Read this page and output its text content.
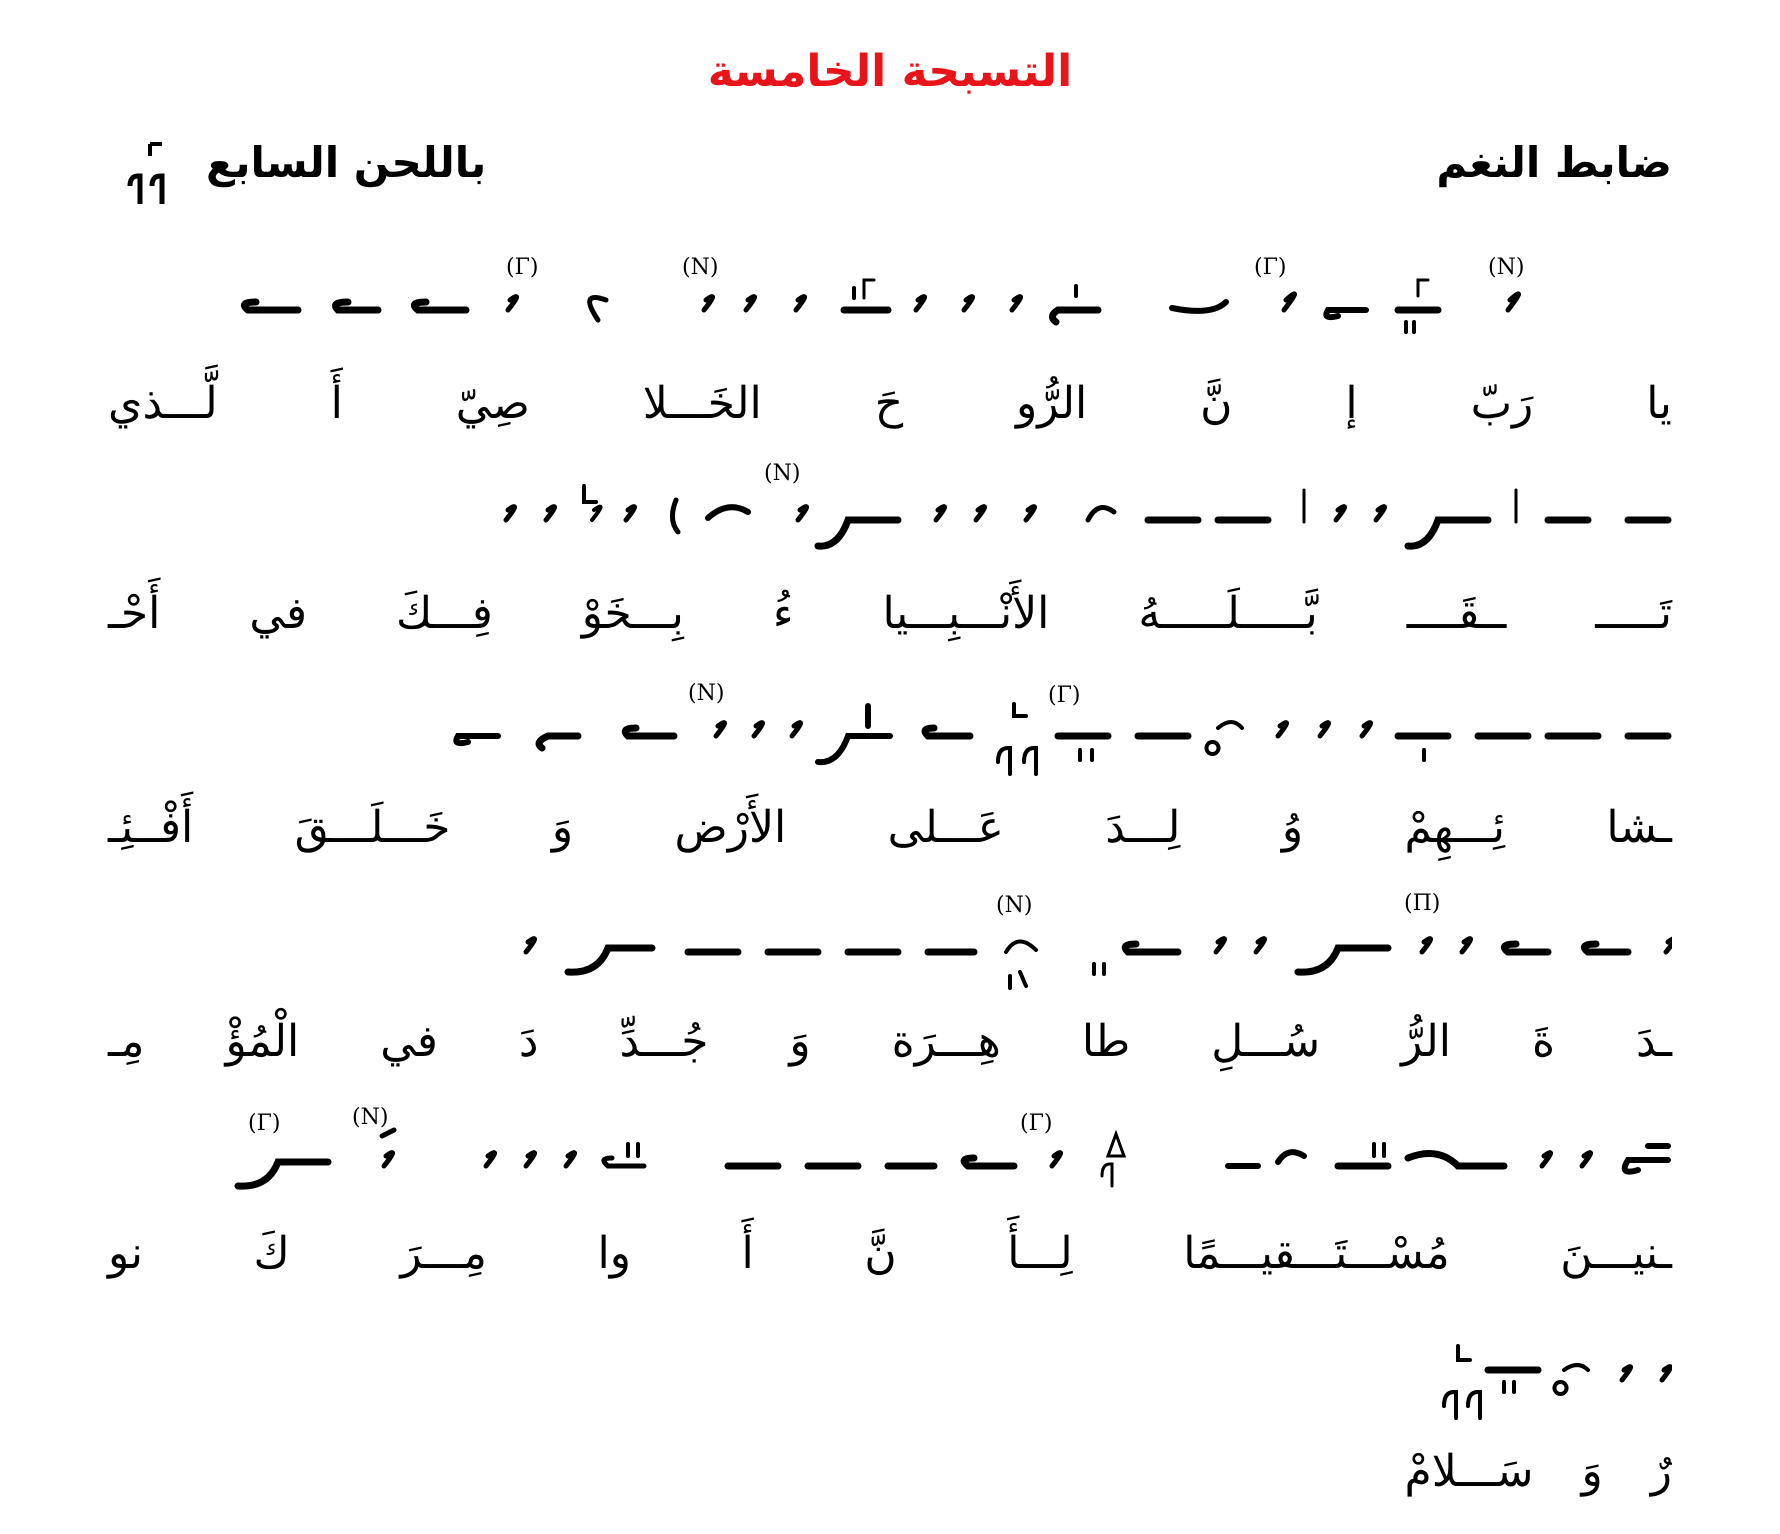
التسبحة الخامسة
ضابط النغم
باللحن السابع
(N)
(Γ)
(N)
(Γ)
يا
رَبّ
إ
نَّ
الرُّو
حَ
الخَـــلا
صِيّ
أَ
لَّـــذي
(N)
تَـــــ
ــقَــــ
بَّـــــلَـــــهُ
الأَنْـــبِـــيا
ءُ
بِـــخَوْ
فِـــكَ
في
أَحْـ
(Γ)
(N)
ـشا
ئِـــهِمْ
وُ
لِـــدَ
عَـــلى
الأَرْض
وَ
خَـــلَـــقَ
أَفْــئِـ
(Π)
(N)
ـدَ
ةَ
الرُّ
سُـــلِ
طا
هِـــرَة
وَ
جُـــدِّ
دَ
في
الْمُؤْ
مِـ
(Γ)
(N)
(Γ)
ـنيـــنَ
مُسْـــتَـــقيـــمًا
لِـــأَ
نَّ
أَ
وا
مِـــرَ
كَ
نو
رٌ
وَ
سَـــلامْ
